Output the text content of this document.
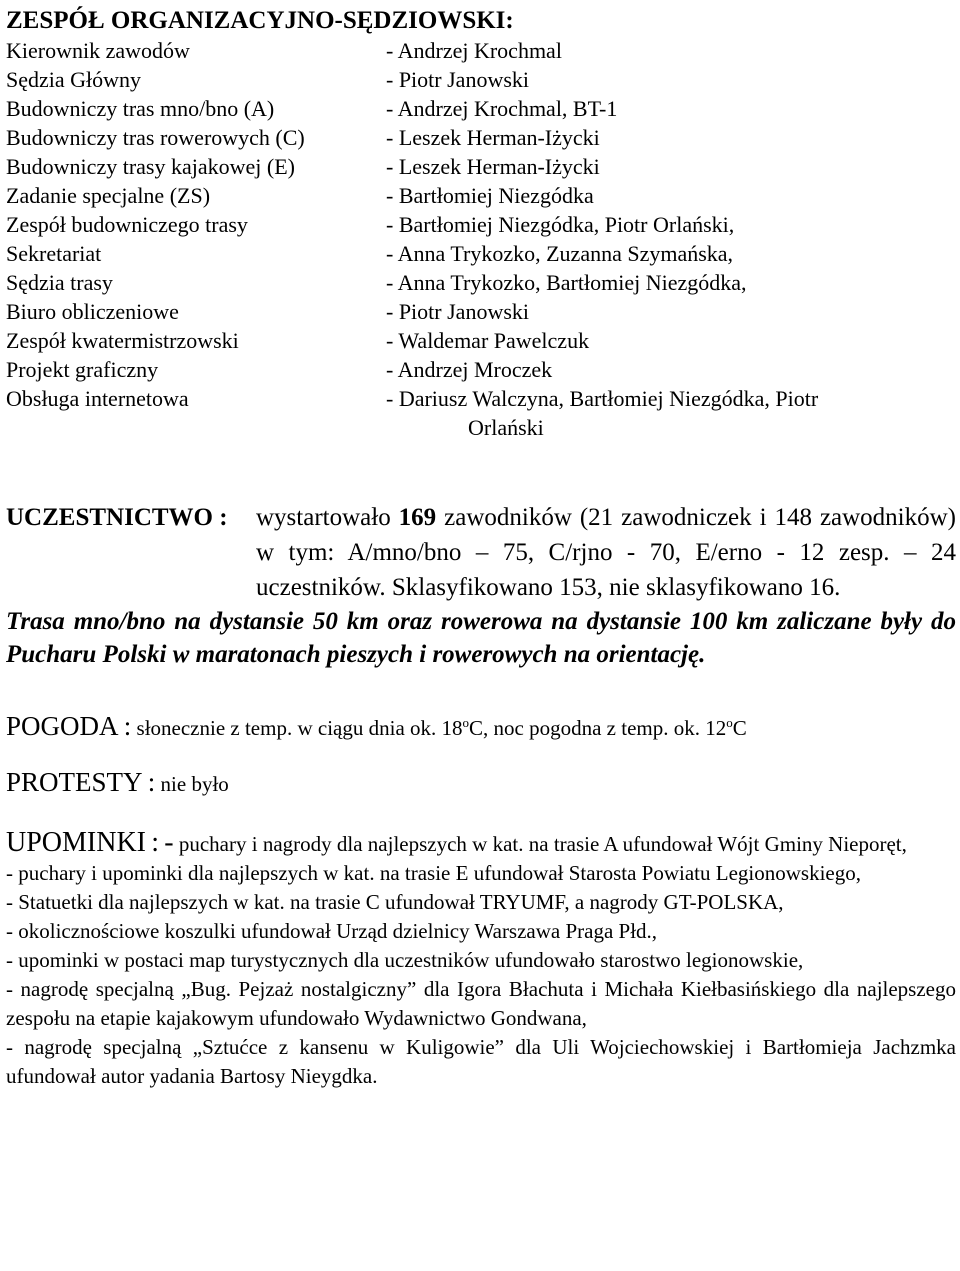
ZESPÓŁ ORGANIZACYJNO-SĘDZIOWSKI:
Kierownik zawodów	- Andrzej Krochmal
Sędzia Główny	- Piotr Janowski
Budowniczy tras mno/bno (A)	- Andrzej Krochmal, BT-1
Budowniczy tras rowerowych (C)	- Leszek Herman-Iżycki
Budowniczy trasy kajakowej (E)	- Leszek Herman-Iżycki
Zadanie specjalne (ZS)	- Bartłomiej Niezgódka
Zespół budowniczego trasy	- Bartłomiej Niezgódka, Piotr Orlański,
Sekretariat	- Anna Trykozko, Zuzanna Szymańska,
Sędzia trasy	- Anna Trykozko, Bartłomiej Niezgódka,
Biuro obliczeniowe	- Piotr Janowski
Zespół kwatermistrzowski	- Waldemar Pawelczuk
Projekt graficzny	- Andrzej Mroczek
Obsługa internetowa	- Dariusz Walczyna, Bartłomiej Niezgódka, Piotr
Orlański
UCZESTNICTWO : wystartowało 169 zawodników (21 zawodniczek i 148 zawodników) w tym: A/mno/bno – 75, C/rjno - 70, E/erno - 12 zesp. – 24 uczestników. Sklasyfikowano 153, nie sklasyfikowano 16.
Trasa mno/bno na dystansie 50 km oraz rowerowa na dystansie 100 km zaliczane były do Pucharu Polski w maratonach pieszych i rowerowych na orientację.
POGODA : słonecznie z temp. w ciągu dnia ok. 18$^o$C, noc pogodna z temp. ok. 12$^o$C
PROTESTY : nie było
UPOMINKI : - puchary i nagrody dla najlepszych w kat. na trasie A ufundował Wójt Gminy Nieporęt,
- puchary i upominki dla najlepszych w kat. na trasie E ufundował Starosta Powiatu Legionowskiego,
- Statuetki dla najlepszych w kat. na trasie C ufundował TRYUMF, a nagrody GT-POLSKA,
- okolicznościowe koszulki ufundował Urząd dzielnicy Warszawa Praga Płd.,
- upominki w postaci map turystycznych dla uczestników ufundowało starostwo legionowskie,
- nagrodę specjalną „Bug. Pejzaż nostalgiczny” dla Igora Błachuta i Michała Kiełbasińskiego dla najlepszego zespołu na etapie kajakowym ufundowało Wydawnictwo Gondwana,
- nagrodę specjalną „Sztućce z kansenu w Kuligowie” dla Uli Wojciechowskiej i Bartłomieja Jachzmka ufundował autor yadania Bartosy Nieygdka.
